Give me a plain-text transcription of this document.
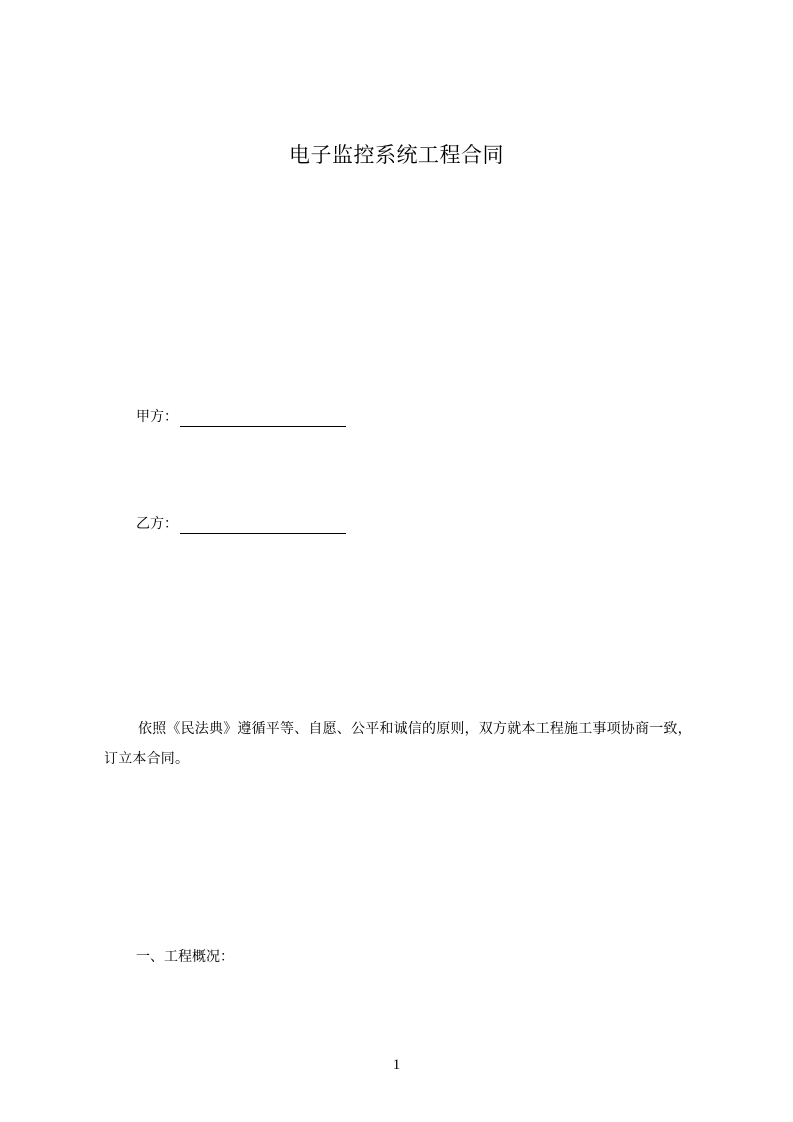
电子监控系统工程合同
甲方：
乙方：

依照《民法典》遵循平等、自愿、公平和诚信的原则，双方就本工程施工事项协商一致，订立本合同。

一、工程概况：
1
